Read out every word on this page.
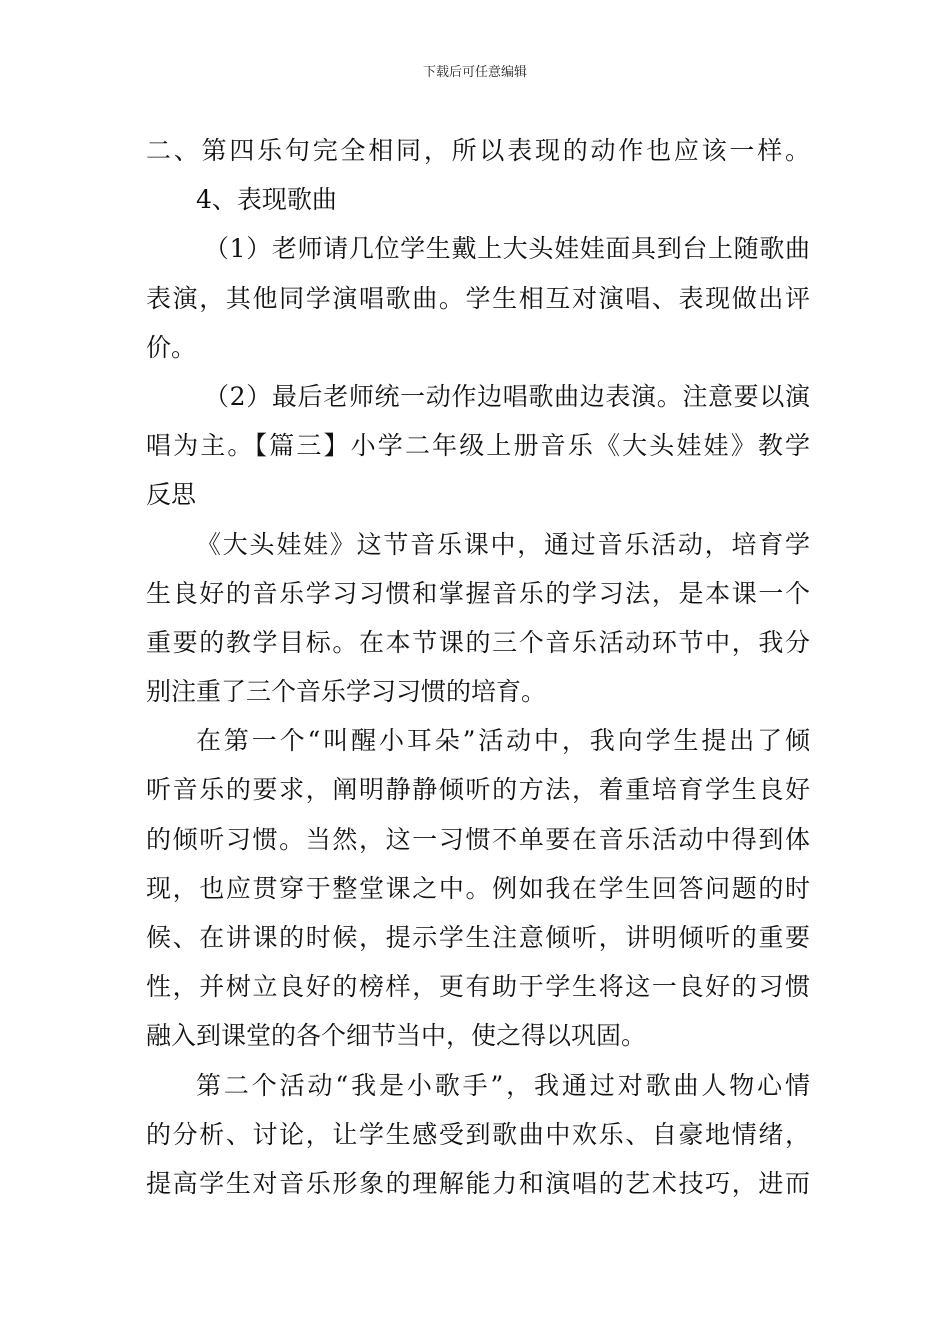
下载后可任意编辑
二、第四乐句完全相同，所以表现的动作也应该一样。
4、表现歌曲
（1）老师请几位学生戴上大头娃娃面具到台上随歌曲
表演，其他同学演唱歌曲。学生相互对演唱、表现做出评
价。
（2）最后老师统一动作边唱歌曲边表演。注意要以演
唱为主。【篇三】小学二年级上册音乐《大头娃娃》教学
反思
《大头娃娃》这节音乐课中，通过音乐活动，培育学
生良好的音乐学习习惯和掌握音乐的学习法，是本课一个
重要的教学目标。在本节课的三个音乐活动环节中，我分
别注重了三个音乐学习习惯的培育。
在第一个“叫醒小耳朵”活动中，我向学生提出了倾
听音乐的要求，阐明静静倾听的方法，着重培育学生良好
的倾听习惯。当然，这一习惯不单要在音乐活动中得到体
现，也应贯穿于整堂课之中。例如我在学生回答问题的时
候、在讲课的时候，提示学生注意倾听，讲明倾听的重要
性，并树立良好的榜样，更有助于学生将这一良好的习惯
融入到课堂的各个细节当中，使之得以巩固。
第二个活动“我是小歌手”，我通过对歌曲人物心情
的分析、讨论，让学生感受到歌曲中欢乐、自豪地情绪，
提高学生对音乐形象的理解能力和演唱的艺术技巧，进而
